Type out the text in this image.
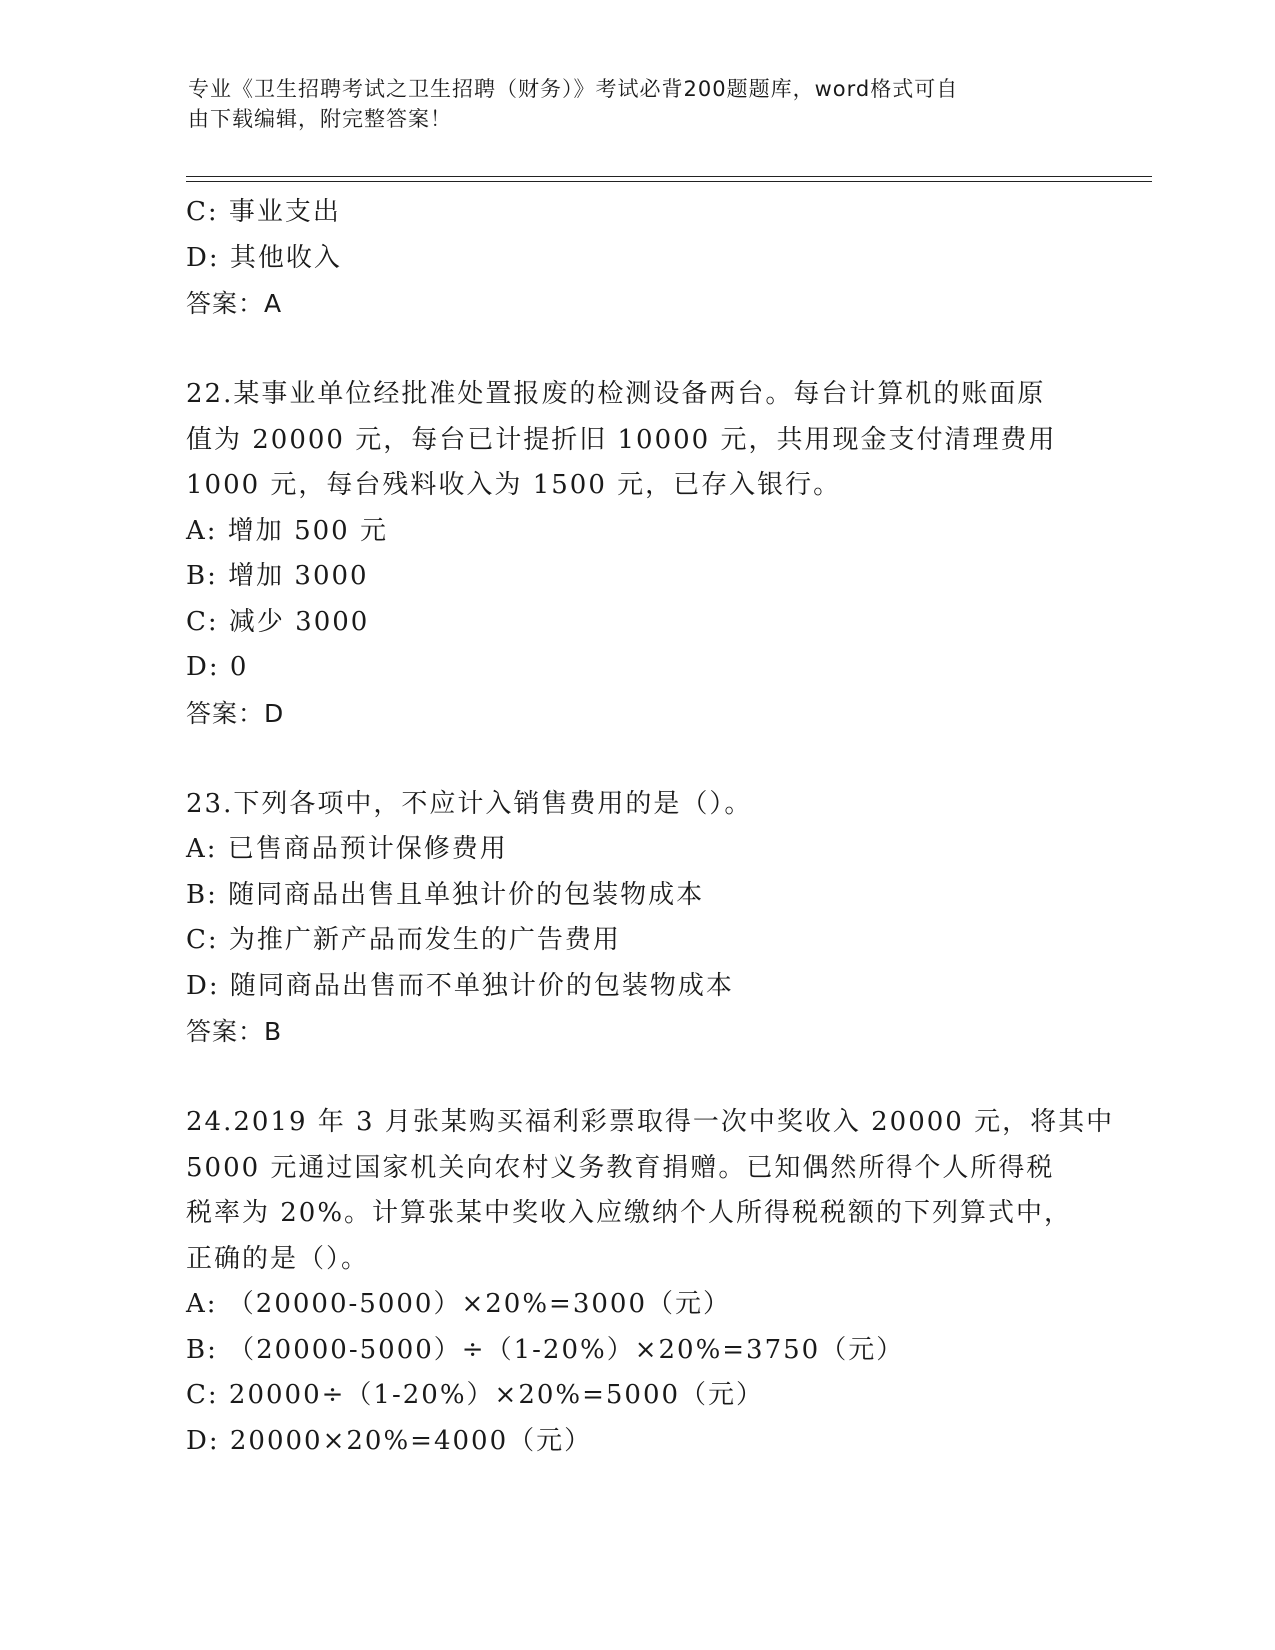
专业《卫生招聘考试之卫生招聘（财务）》考试必背200题题库，word格式可自
由下载编辑，附完整答案！
C: 事业支出
D: 其他收入
答案：A
22.某事业单位经批准处置报废的检测设备两台。每台计算机的账面原
值为 20000 元，每台已计提折旧 10000 元，共用现金支付清理费用
1000 元，每台残料收入为 1500 元，已存入银行。
A: 增加 500 元
B: 增加 3000
C: 减少 3000
D: 0
答案：D
23.下列各项中，不应计入销售费用的是（）。
A: 已售商品预计保修费用
B: 随同商品出售且单独计价的包装物成本
C: 为推广新产品而发生的广告费用
D: 随同商品出售而不单独计价的包装物成本
答案：B
24.2019 年 3 月张某购买福利彩票取得一次中奖收入 20000 元，将其中
5000 元通过国家机关向农村义务教育捐赠。已知偶然所得个人所得税
税率为 20%。计算张某中奖收入应缴纳个人所得税税额的下列算式中，
正确的是（）。
A: （20000-5000）×20%=3000（元）
B: （20000-5000）÷（1-20%）×20%=3750（元）
C: 20000÷（1-20%）×20%=5000（元）
D: 20000×20%=4000（元）
